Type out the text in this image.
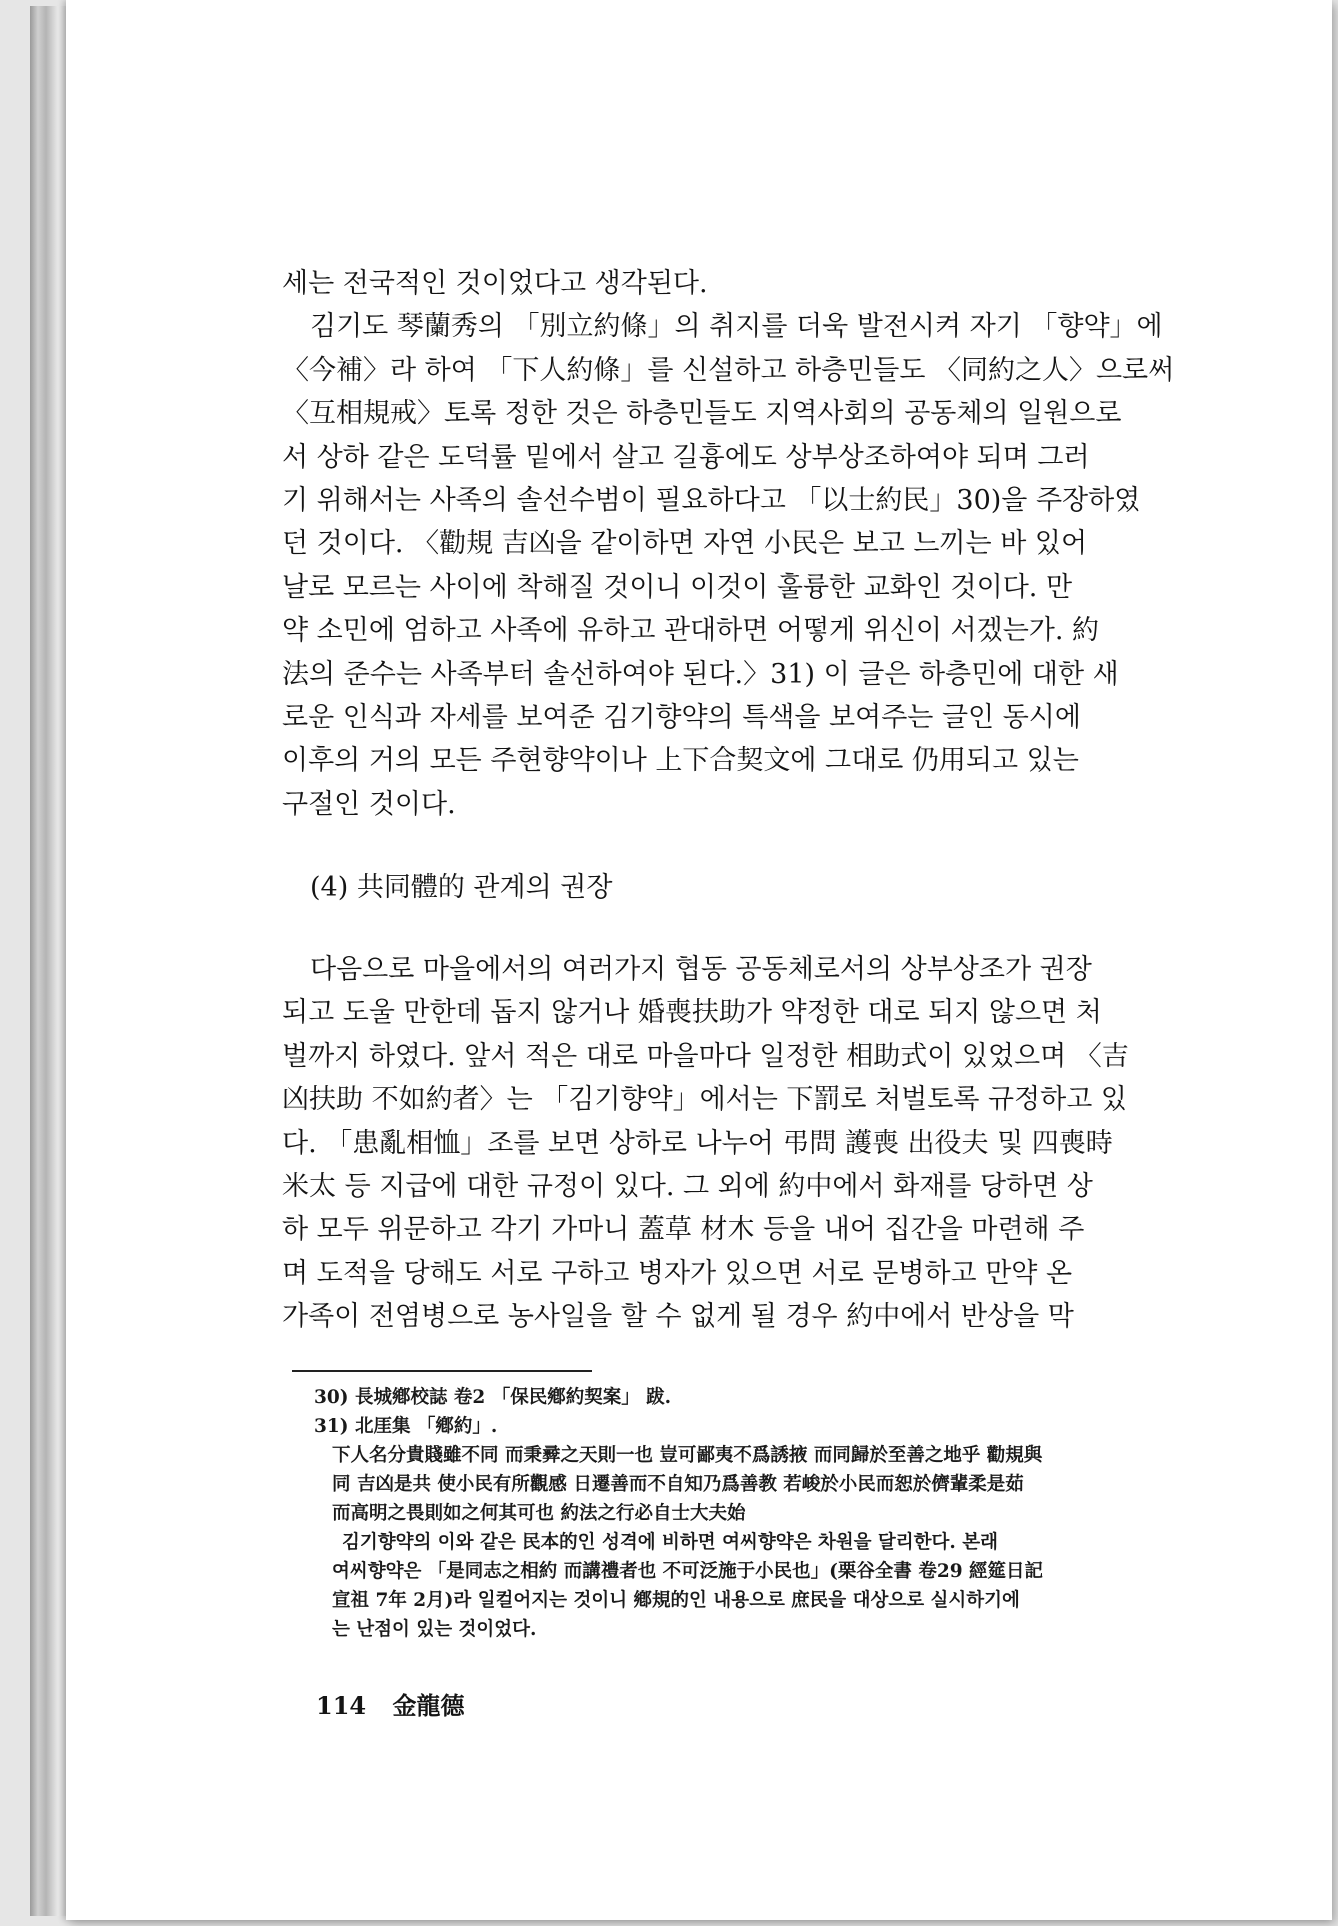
세는 전국적인 것이었다고 생각된다.
김기도 琴蘭秀의 「別立約條」의 취지를 더욱 발전시켜 자기 「향약」에
〈今補〉라 하여 「下人約條」를 신설하고 하층민들도 〈同約之人〉으로써
〈互相規戒〉토록 정한 것은 하층민들도 지역사회의 공동체의 일원으로
서 상하 같은 도덕률 밑에서 살고 길흉에도 상부상조하여야 되며 그러
기 위해서는 사족의 솔선수범이 필요하다고 「以士約民」30)을 주장하였
던 것이다. 〈勸規 吉凶을 같이하면 자연 小民은 보고 느끼는 바 있어
날로 모르는 사이에 착해질 것이니 이것이 훌륭한 교화인 것이다. 만
약 소민에 엄하고 사족에 유하고 관대하면 어떻게 위신이 서겠는가. 約
法의 준수는 사족부터 솔선하여야 된다.〉31) 이 글은 하층민에 대한 새
로운 인식과 자세를 보여준 김기향약의 특색을 보여주는 글인 동시에
이후의 거의 모든 주현향약이나 上下合契文에 그대로 仍用되고 있는
구절인 것이다.
(4) 共同體的 관계의 권장
다음으로 마을에서의 여러가지 협동 공동체로서의 상부상조가 권장
되고 도울 만한데 돕지 않거나 婚喪扶助가 약정한 대로 되지 않으면 처
벌까지 하였다. 앞서 적은 대로 마을마다 일정한 相助式이 있었으며 〈吉
凶扶助 不如約者〉는 「김기향약」에서는 下罰로 처벌토록 규정하고 있
다. 「患亂相恤」조를 보면 상하로 나누어 弔問 護喪 出役夫 및 四喪時
米太 등 지급에 대한 규정이 있다. 그 외에 約中에서 화재를 당하면 상
하 모두 위문하고 각기 가마니 蓋草 材木 등을 내어 집간을 마련해 주
며 도적을 당해도 서로 구하고 병자가 있으면 서로 문병하고 만약 온
가족이 전염병으로 농사일을 할 수 없게 될 경우 約中에서 반상을 막
30) 長城鄕校誌 卷2 「保民鄕約契案」 跋.
31) 北厓集 「鄕約」.
下人名分貴賤雖不同 而秉彛之天則一也 豈可鄙夷不爲誘掖 而同歸於至善之地乎 勸規與
同 吉凶是共 使小民有所觀感 日遷善而不自知乃爲善教 若峻於小民而恕於儕輩柔是茹
而高明之畏則如之何其可也 約法之行必自士大夫始
김기향약의 이와 같은 民本的인 성격에 비하면 여씨향약은 차원을 달리한다. 본래
여씨향약은 「是同志之相約 而講禮者也 不可泛施于小民也」(栗谷全書 卷29 經筵日記
宣祖 7年 2月)라 일컬어지는 것이니 鄕規的인 내용으로 庶民을 대상으로 실시하기에
는 난점이 있는 것이었다.
114 金龍德
